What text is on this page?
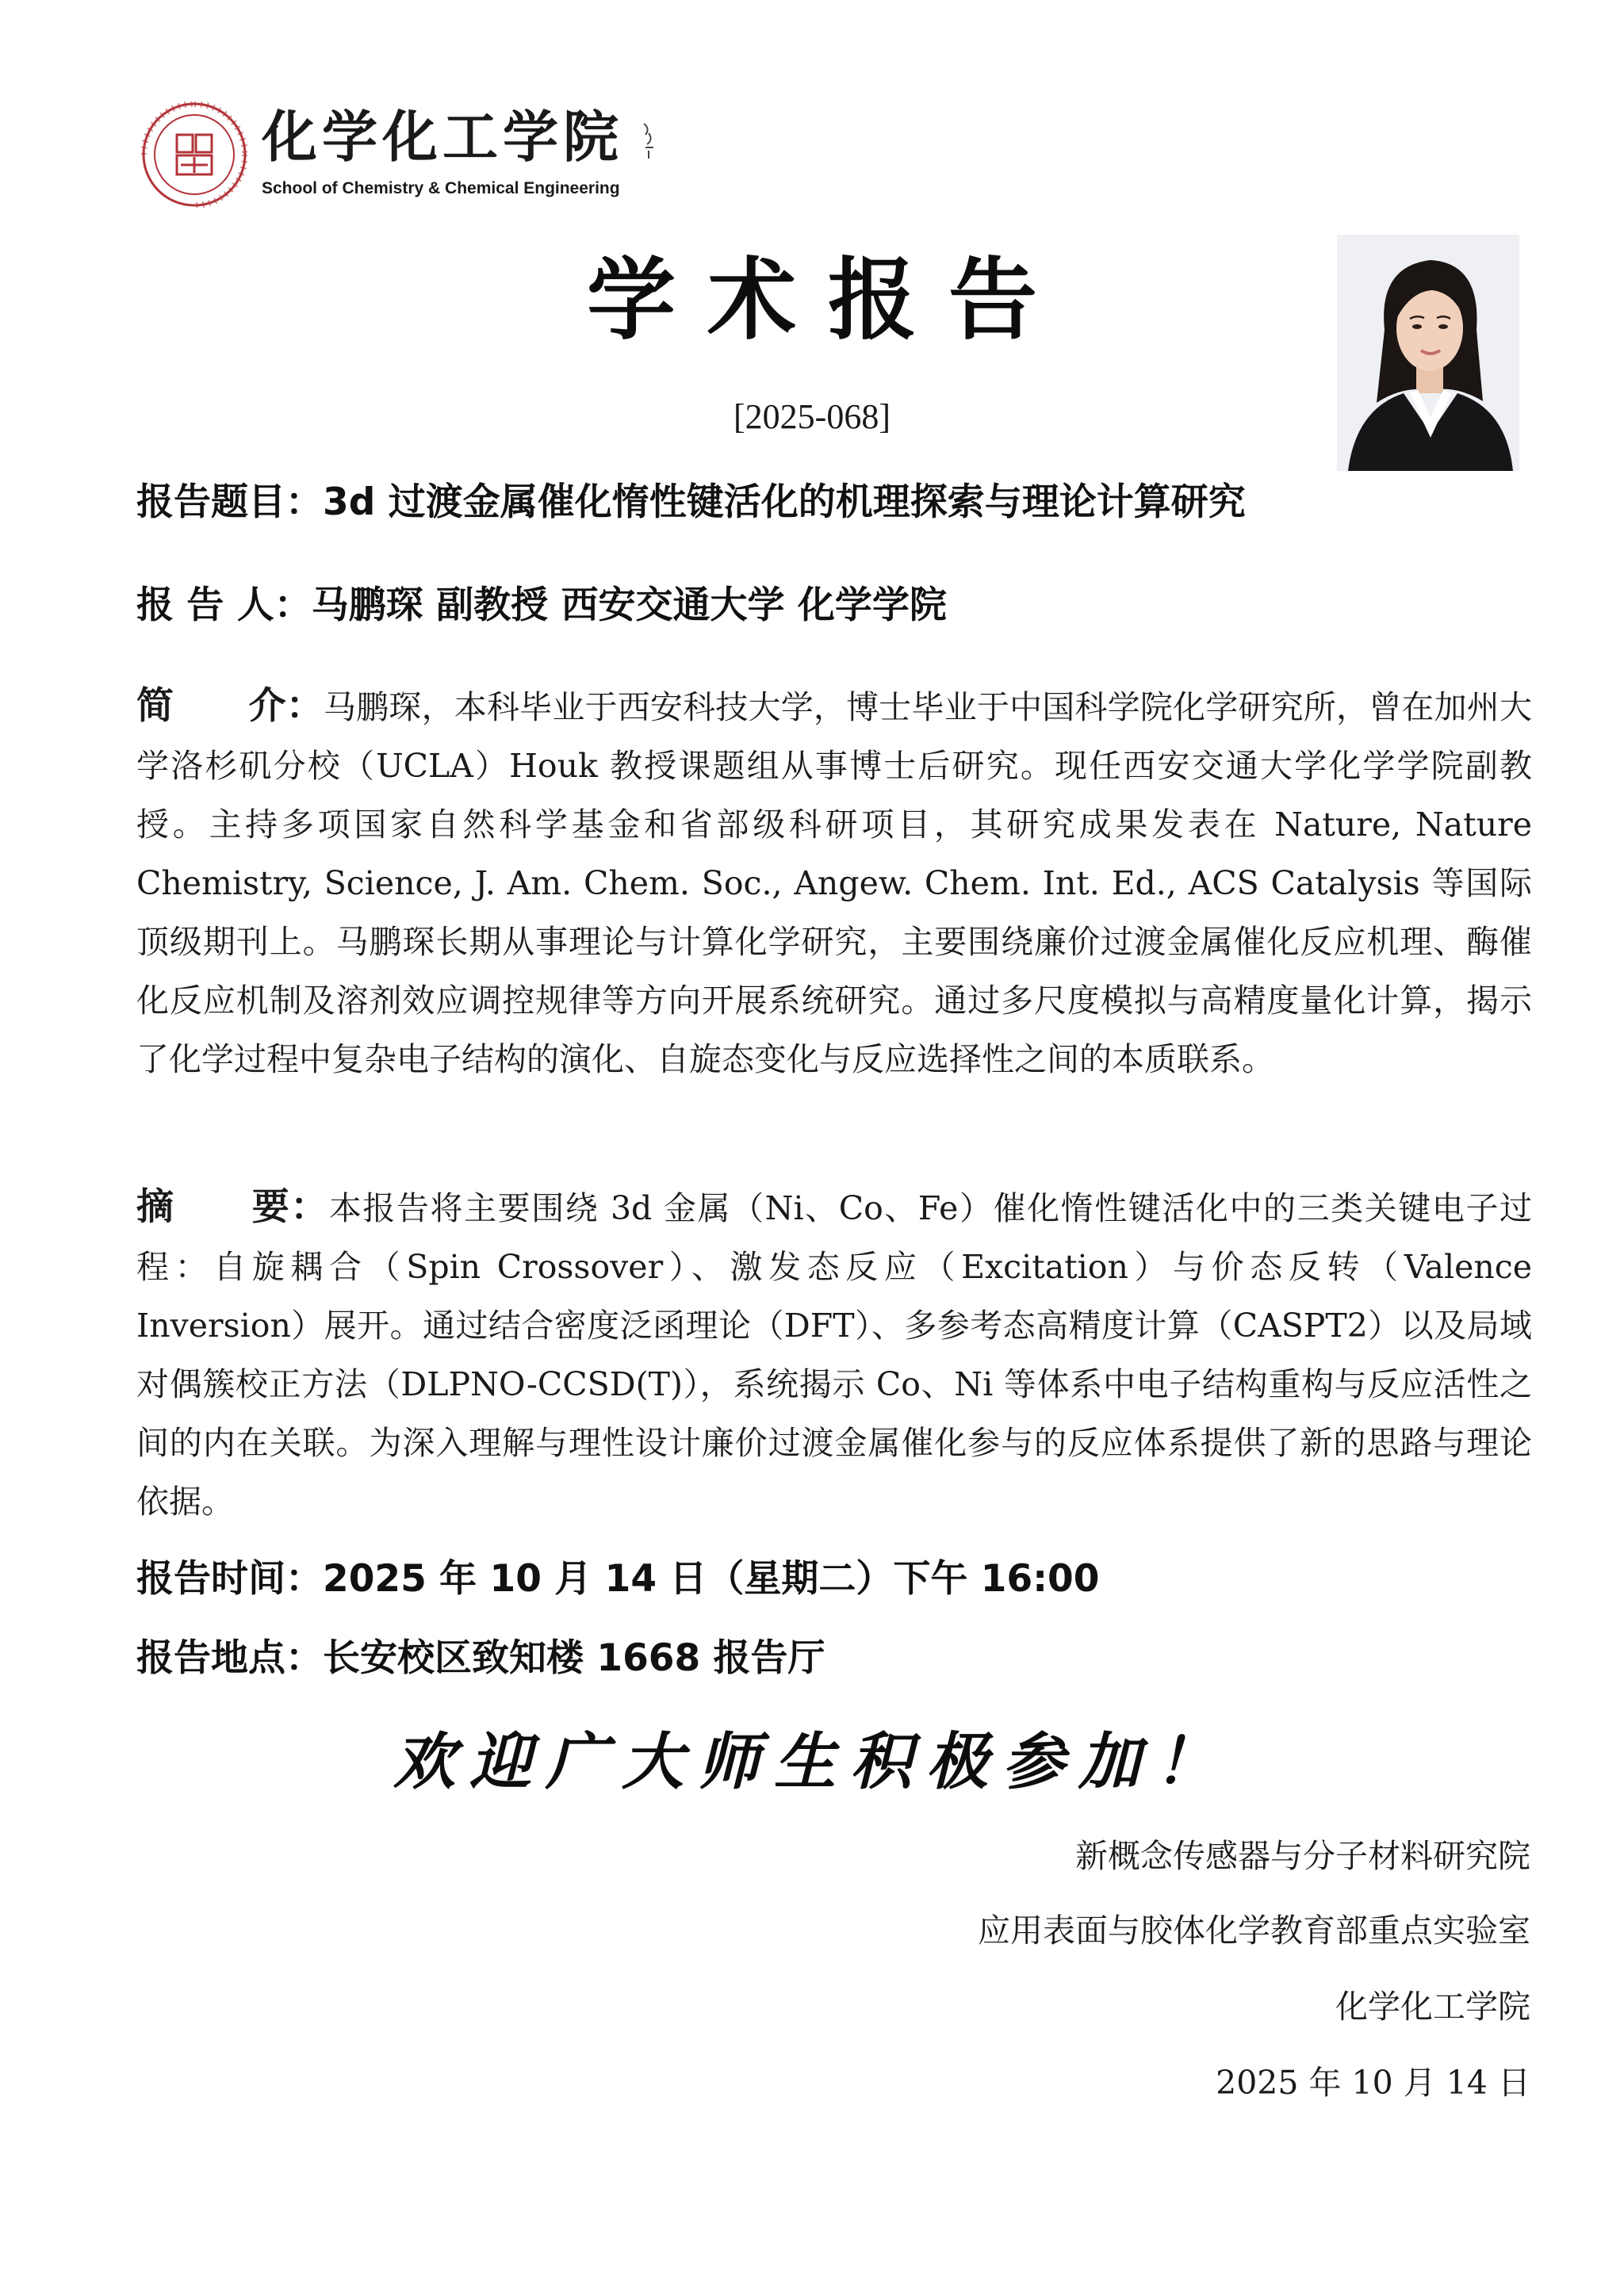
化学化工学院
School of Chemistry & Chemical Engineering
学术报告
[2025-068]
报告题目：3d 过渡金属催化惰性键活化的机理探索与理论计算研究
报 告 人：马鹏琛 副教授 西安交通大学 化学学院
简　　介：马鹏琛，本科毕业于西安科技大学，博士毕业于中国科学院化学研究所，曾在加州大学洛杉矶分校（UCLA）Houk 教授课题组从事博士后研究。现任西安交通大学化学学院副教授。主持多项国家自然科学基金和省部级科研项目，其研究成果发表在 Nature, Nature Chemistry, Science, J. Am. Chem. Soc., Angew. Chem. Int. Ed., ACS Catalysis 等国际顶级期刊上。马鹏琛长期从事理论与计算化学研究，主要围绕廉价过渡金属催化反应机理、酶催化反应机制及溶剂效应调控规律等方向开展系统研究。通过多尺度模拟与高精度量化计算，揭示了化学过程中复杂电子结构的演化、自旋态变化与反应选择性之间的本质联系。
摘　　要：本报告将主要围绕 3d 金属（Ni、Co、Fe）催化惰性键活化中的三类关键电子过程：自旋耦合（Spin Crossover）、激发态反应（Excitation）与价态反转（Valence Inversion）展开。通过结合密度泛函理论（DFT）、多参考态高精度计算（CASPT2）以及局域对偶簇校正方法（DLPNO-CCSD(T)），系统揭示 Co、Ni 等体系中电子结构重构与反应活性之间的内在关联。为深入理解与理性设计廉价过渡金属催化参与的反应体系提供了新的思路与理论依据。
报告时间：2025 年 10 月 14 日（星期二）下午 16:00
报告地点：长安校区致知楼 1668 报告厅
欢迎广大师生积极参加！
新概念传感器与分子材料研究院
应用表面与胶体化学教育部重点实验室
化学化工学院
2025 年 10 月 14 日
